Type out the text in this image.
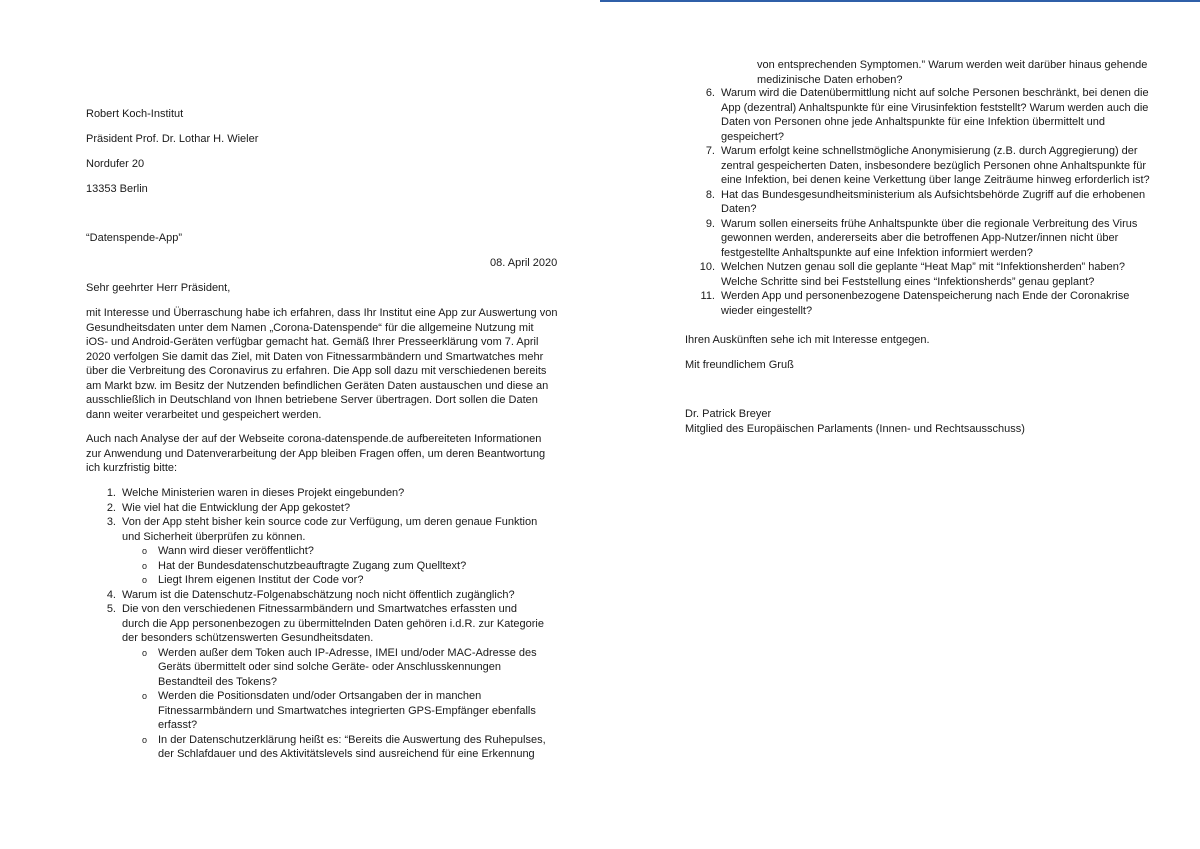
Robert Koch-Institut
Präsident Prof. Dr. Lothar H. Wieler
Nordufer 20
13353 Berlin
“Datenspende-App”
08. April 2020
Sehr geehrter Herr Präsident,
mit Interesse und Überraschung habe ich erfahren, dass Ihr Institut eine App zur Auswertung von Gesundheitsdaten unter dem Namen „Corona-Datenspende“ für die allgemeine Nutzung mit iOS- und Android-Geräten verfügbar gemacht hat. Gemäß Ihrer Presseerklärung vom 7. April 2020 verfolgen Sie damit das Ziel, mit Daten von Fitnessarmbändern und Smartwatches mehr über die Verbreitung des Coronavirus zu erfahren. Die App soll dazu mit verschiedenen bereits am Markt bzw. im Besitz der Nutzenden befindlichen Geräten Daten austauschen und diese an ausschließlich in Deutschland von Ihnen betriebene Server übertragen. Dort sollen die Daten dann weiter verarbeitet und gespeichert werden.
Auch nach Analyse der auf der Webseite corona-datenspende.de aufbereiteten Informationen zur Anwendung und Datenverarbeitung der App bleiben Fragen offen, um deren Beantwortung ich kurzfristig bitte:
1. Welche Ministerien waren in dieses Projekt eingebunden?

2. Wie viel hat die Entwicklung der App gekostet?

3. Von der App steht bisher kein source code zur Verfügung, um deren genaue Funktion und Sicherheit überprüfen zu können.

o Wann wird dieser veröffentlicht?
o Hat der Bundesdatenschutzbeauftragte Zugang zum Quelltext?
o Liegt Ihrem eigenen Institut der Code vor?
4. Warum ist die Datenschutz-Folgenabschätzung noch nicht öffentlich zugänglich?

5. Die von den verschiedenen Fitnessarmbändern und Smartwatches erfassten und durch die App personenbezogen zu übermittelnden Daten gehören i.d.R. zur Kategorie der besonders schützenswerten Gesundheitsdaten.

o Werden außer dem Token auch IP-Adresse, IMEI und/oder MAC-Adresse des Geräts übermittelt oder sind solche Geräte- oder Anschlusskennungen Bestandteil des Tokens?
o Werden die Positionsdaten und/oder Ortsangaben der in manchen Fitnessarmbändern und Smartwatches integrierten GPS-Empfänger ebenfalls erfasst?
o In der Datenschutzerklärung heißt es: “Bereits die Auswertung des Ruhepulses, der Schlafdauer und des Aktivitätslevels sind ausreichend für eine Erkennung
von entsprechenden Symptomen.” Warum werden weit darüber hinaus gehende medizinische Daten erhoben?
6. Warum wird die Datenübermittlung nicht auf solche Personen beschränkt, bei denen die App (dezentral) Anhaltspunkte für eine Virusinfektion feststellt? Warum werden auch die Daten von Personen ohne jede Anhaltspunkte für eine Infektion übermittelt und gespeichert?

7. Warum erfolgt keine schnellstmögliche Anonymisierung (z.B. durch Aggregierung) der zentral gespeicherten Daten, insbesondere bezüglich Personen ohne Anhaltspunkte für eine Infektion, bei denen keine Verkettung über lange Zeiträume hinweg erforderlich ist?

8. Hat das Bundesgesundheitsministerium als Aufsichtsbehörde Zugriff auf die erhobenen Daten?

9. Warum sollen einerseits frühe Anhaltspunkte über die regionale Verbreitung des Virus gewonnen werden, andererseits aber die betroffenen App-Nutzer/innen nicht über festgestellte Anhaltspunkte auf eine Infektion informiert werden?

10. Welchen Nutzen genau soll die geplante “Heat Map” mit “Infektionsherden” haben? Welche Schritte sind bei Feststellung eines “Infektionsherds” genau geplant?

11. Werden App und personenbezogene Datenspeicherung nach Ende der Coronakrise wieder eingestellt?

Ihren Auskünften sehe ich mit Interesse entgegen.
Mit freundlichem Gruß
Dr. Patrick Breyer
Mitglied des Europäischen Parlaments (Innen- und Rechtsausschuss)
